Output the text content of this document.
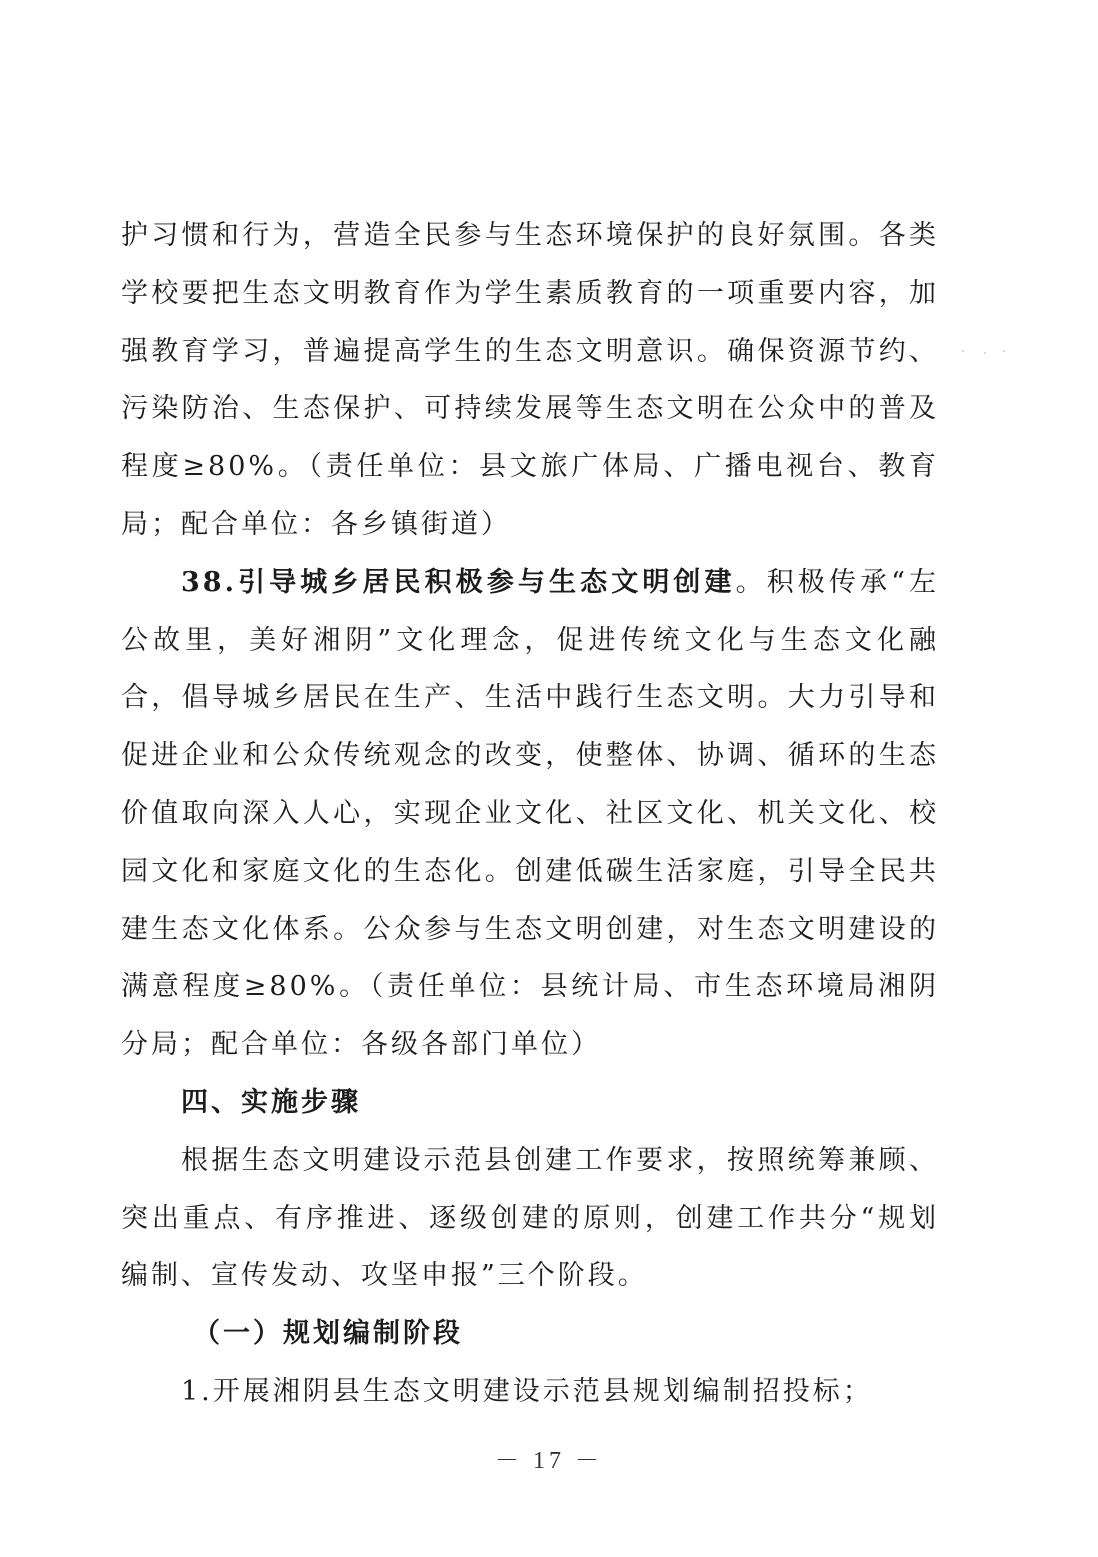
护习惯和行为，营造全民参与生态环境保护的良好氛围。各类学校要把生态文明教育作为学生素质教育的一项重要内容，加强教育学习，普遍提高学生的生态文明意识。确保资源节约、污染防治、生态保护、可持续发展等生态文明在公众中的普及程度≥80%。（责任单位：县文旅广体局、广播电视台、教育局；配合单位：各乡镇街道）

38.引导城乡居民积极参与生态文明创建。积极传承“左公故里，美好湘阴”文化理念，促进传统文化与生态文化融合，倡导城乡居民在生产、生活中践行生态文明。大力引导和促进企业和公众传统观念的改变，使整体、协调、循环的生态价值取向深入人心，实现企业文化、社区文化、机关文化、校园文化和家庭文化的生态化。创建低碳生活家庭，引导全民共建生态文化体系。公众参与生态文明创建，对生态文明建设的满意程度≥80%。（责任单位：县统计局、市生态环境局湘阴分局；配合单位：各级各部门单位）

四、实施步骤

根据生态文明建设示范县创建工作要求，按照统筹兼顾、突出重点、有序推进、逐级创建的原则，创建工作共分“规划编制、宣传发动、攻坚申报”三个阶段。

（一）规划编制阶段

1.开展湘阴县生态文明建设示范县规划编制招投标；

－ 17 －
